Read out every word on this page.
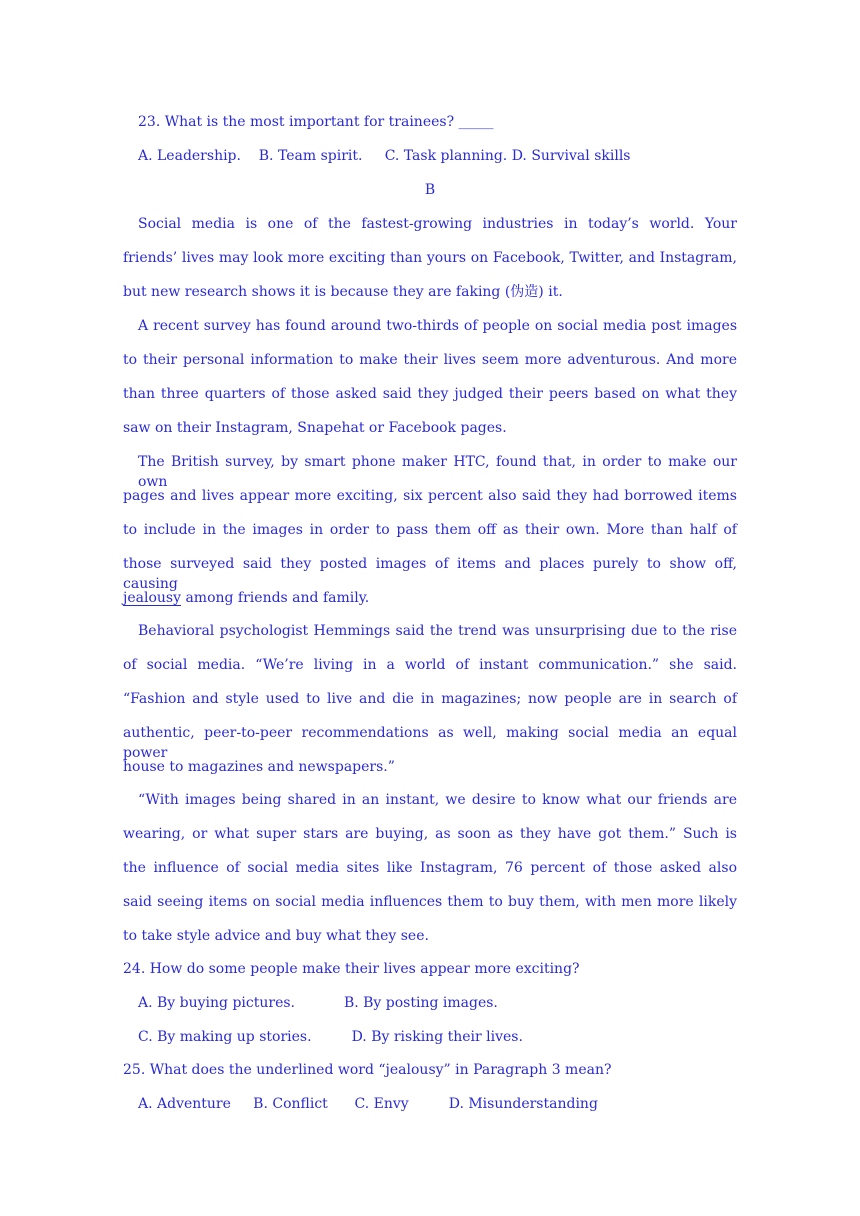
23. What is the most important for trainees? _____
A. Leadership.    B. Team spirit.     C. Task planning. D. Survival skills
B
Social media is one of the fastest-growing industries in today’s world. Your
friends’ lives may look more exciting than yours on Facebook, Twitter, and Instagram,
but new research shows it is because they are faking (伪造) it.
A recent survey has found around two-thirds of people on social media post images
to their personal information to make their lives seem more adventurous. And more
than three quarters of those asked said they judged their peers based on what they
saw on their Instagram, Snapehat or Facebook pages.
The British survey, by smart phone maker HTC, found that, in order to make our own
pages and lives appear more exciting, six percent also said they had borrowed items
to include in the images in order to pass them off as their own. More than half of
those surveyed said they posted images of items and places purely to show off, causing
jealousy among friends and family.
Behavioral psychologist Hemmings said the trend was unsurprising due to the rise
of social media. “We’re living in a world of instant communication.” she said.
“Fashion and style used to live and die in magazines; now people are in search of
authentic, peer-to-peer recommendations as well, making social media an equal power
house to magazines and newspapers.”
“With images being shared in an instant, we desire to know what our friends are
wearing, or what super stars are buying, as soon as they have got them.” Such is
the influence of social media sites like Instagram, 76 percent of those asked also
said seeing items on social media influences them to buy them, with men more likely
to take style advice and buy what they see.
24. How do some people make their lives appear more exciting?
A. By buying pictures.           B. By posting images.
C. By making up stories.         D. By risking their lives.
25. What does the underlined word “jealousy” in Paragraph 3 mean?
A. Adventure     B. Conflict      C. Envy         D. Misunderstanding
